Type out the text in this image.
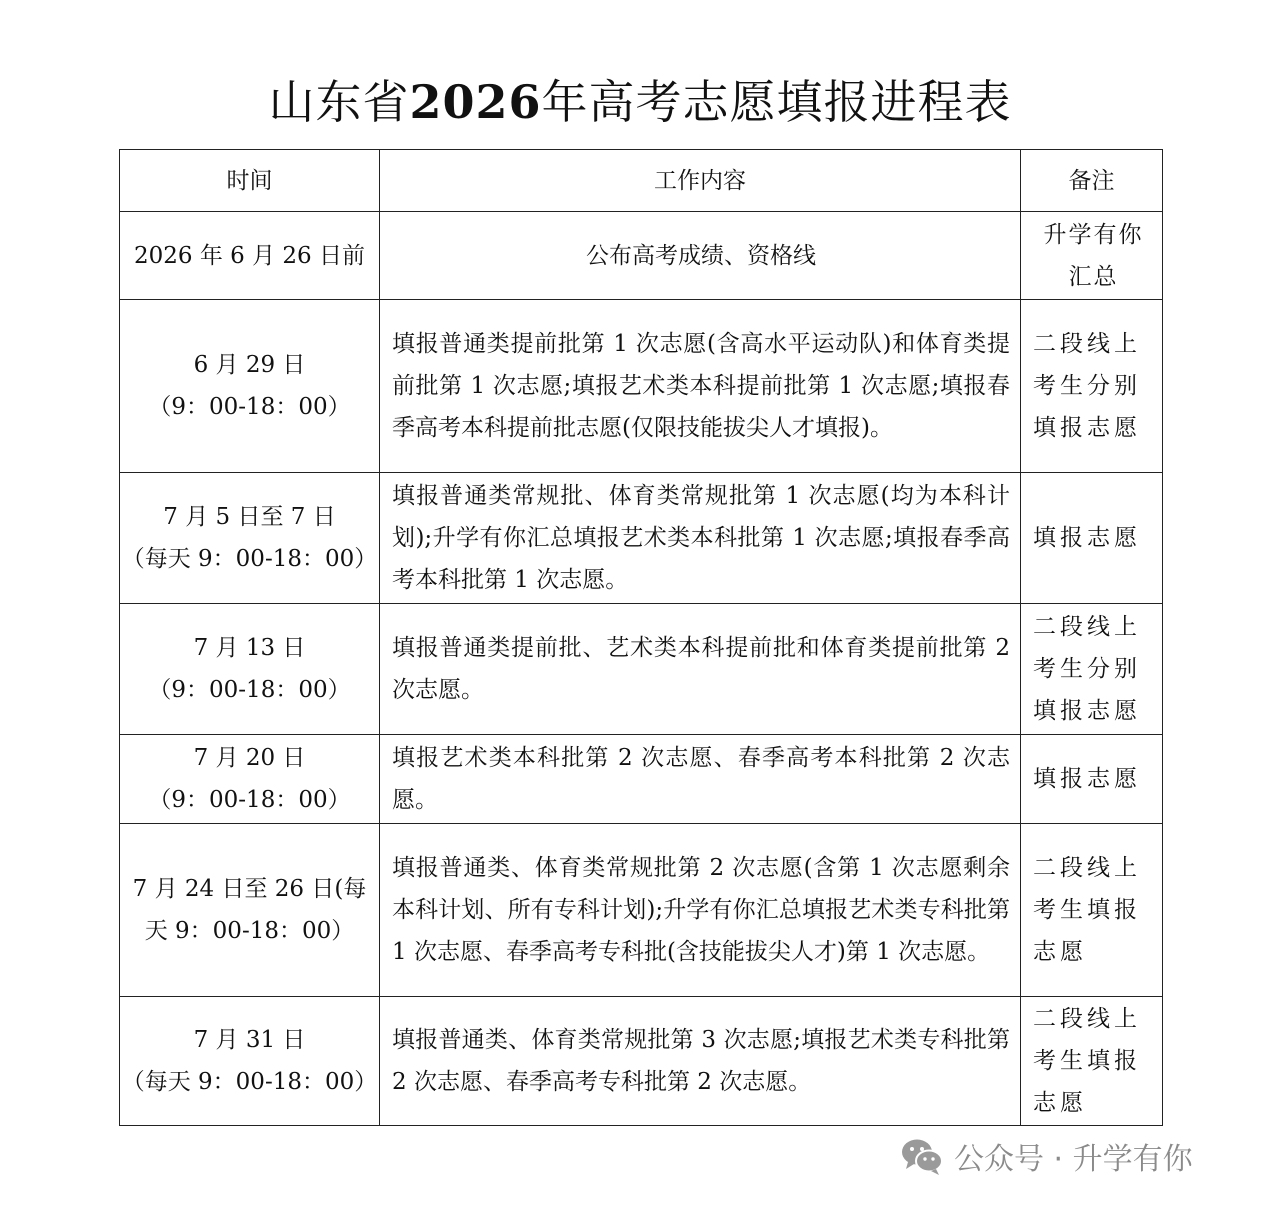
山东省2026年高考志愿填报进程表
时间	工作内容	备注

2026 年 6 月 26 日前	公布高考成绩、资格线	升学有你汇总

6 月 29 日
（9：00-18：00）	填报普通类提前批第 1 次志愿(含高水平运动队)和体育类提前批第 1 次志愿;填报艺术类本科提前批第 1 次志愿;填报春季高考本科提前批志愿(仅限技能拔尖人才填报)。	二段线上考生分别填报志愿

7 月 5 日至 7 日
（每天 9：00-18：00）	填报普通类常规批、体育类常规批第 1 次志愿(均为本科计划);升学有你汇总填报艺术类本科批第 1 次志愿;填报春季高考本科批第 1 次志愿。	填报志愿

7 月 13 日
（9：00-18：00）	填报普通类提前批、艺术类本科提前批和体育类提前批第 2 次志愿。	二段线上考生分别填报志愿

7 月 20 日
（9：00-18：00）	填报艺术类本科批第 2 次志愿、春季高考本科批第 2 次志愿。	填报志愿

7 月 24 日至 26 日(每
天 9：00-18：00）	填报普通类、体育类常规批第 2 次志愿(含第 1 次志愿剩余本科计划、所有专科计划);升学有你汇总填报艺术类专科批第 1 次志愿、春季高考专科批(含技能拔尖人才)第 1 次志愿。	二段线上考生填报志愿

7 月 31 日
（每天 9：00-18：00）	填报普通类、体育类常规批第 3 次志愿;填报艺术类专科批第 2 次志愿、春季高考专科批第 2 次志愿。	二段线上考生填报志愿
公众号 · 升学有你
